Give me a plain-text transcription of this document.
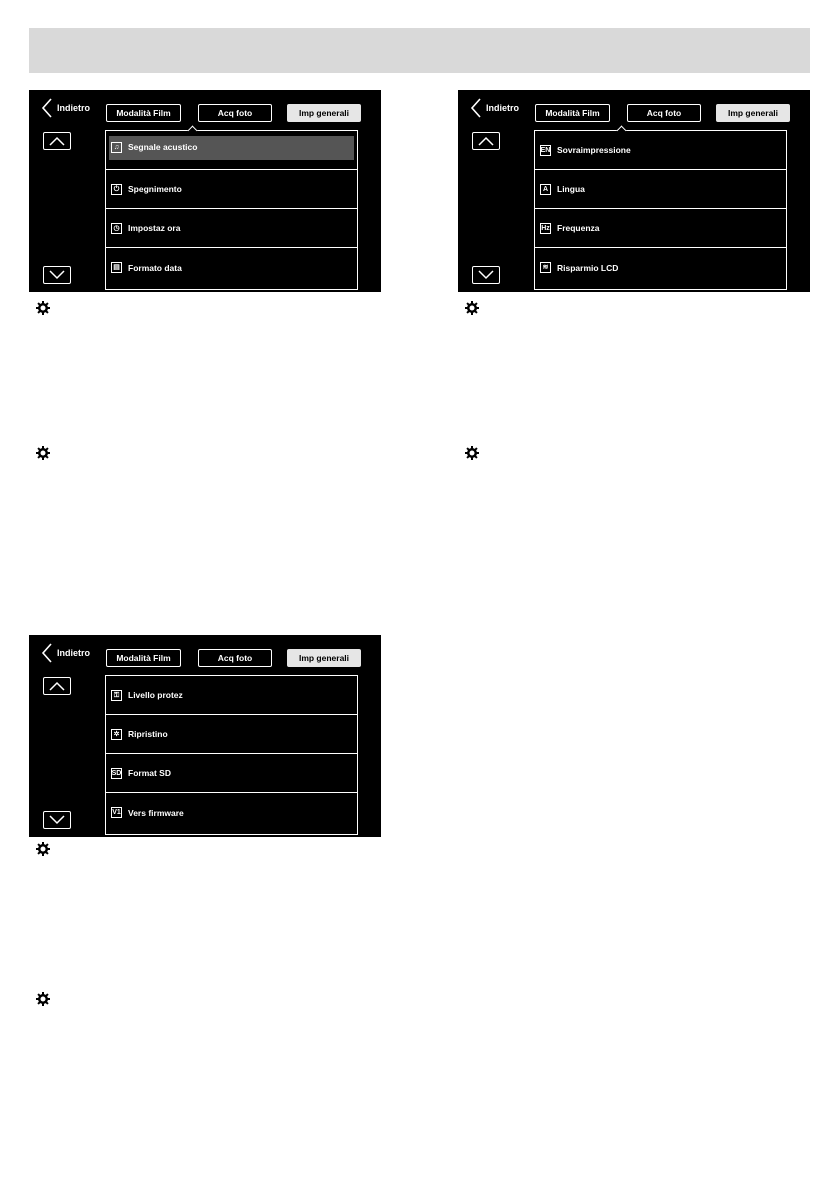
Indietro	Modalità Film	Acq foto	Imp generali
♫	Segnale acustico
⏻	Spegnimento
◷ Impostaz ora
▤ Formato data
Indietro	Modalità Film	Acq foto	Imp generali
EN Sovraimpressione
A	Lingua
Hz Frequenza
≋	Risparmio LCD
Indietro	Modalità Film	Acq foto	Imp generali
⚿	Livello protez
✲	Ripristino
SD Format SD
V1 Vers firmware
